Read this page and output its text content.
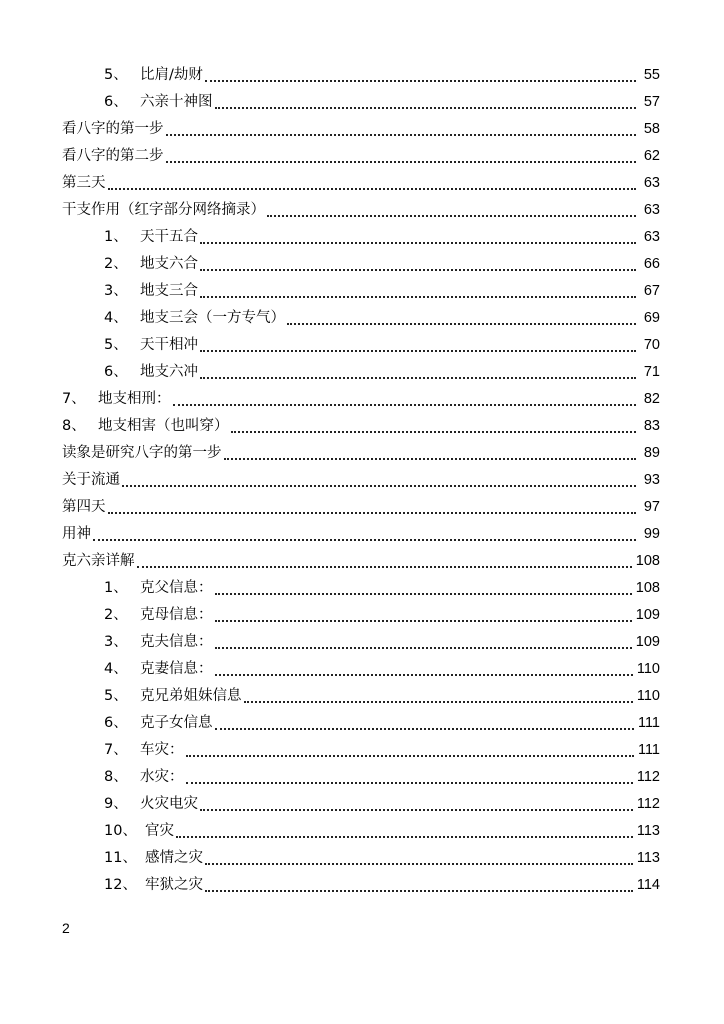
5、 比肩/劫财	55
6、 六亲十神图	57
看八字的第一步	58
看八字的第二步	62
第三天	63
干支作用（红字部分网络摘录）	63
1、 天干五合	63
2、 地支六合	66
3、 地支三合	67
4、 地支三会（一方专气）	69
5、 天干相冲	70
6、 地支六冲	71
7、 地支相刑：	82
8、 地支相害（也叫穿）	83
读象是研究八字的第一步	89
关于流通	93
第四天	97
用神	99
克六亲详解	108
1、 克父信息：	108
2、 克母信息：	109
3、 克夫信息：	109
4、 克妻信息：	110
5、 克兄弟姐妹信息	110
6、 克子女信息	111
7、 车灾：	111
8、 水灾：	112
9、 火灾电灾	112
10、 官灾	113
11、 感情之灾	113
12、 牢狱之灾	114
2
